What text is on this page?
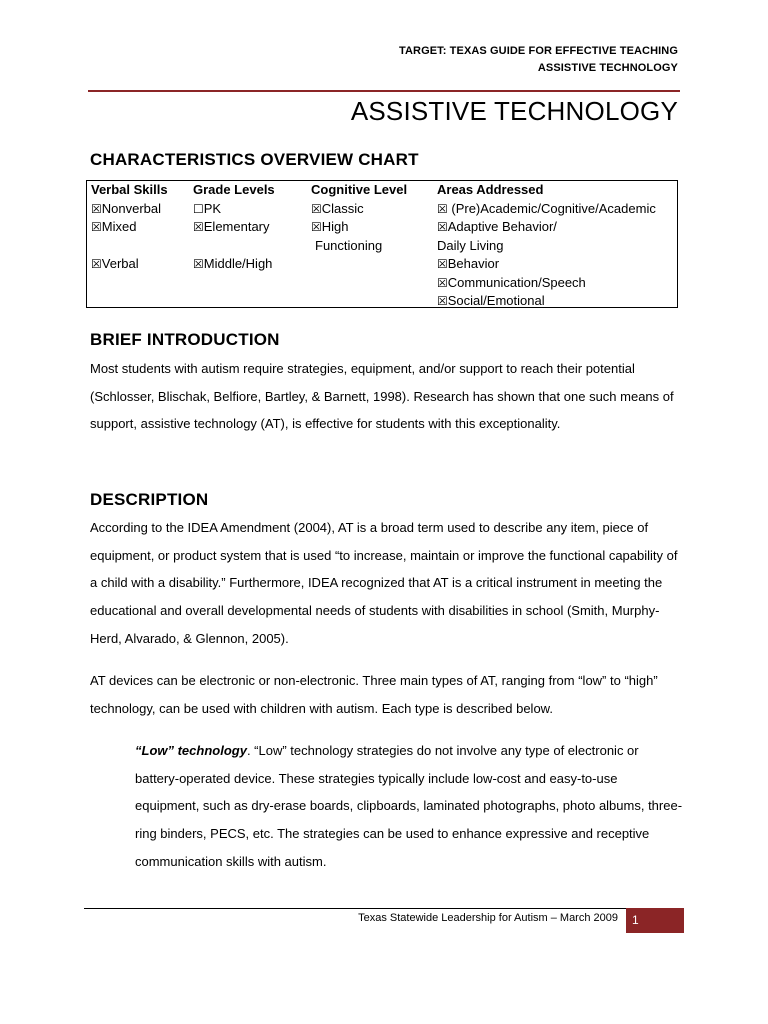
TARGET: TEXAS GUIDE FOR EFFECTIVE TEACHING
ASSISTIVE TECHNOLOGY
ASSISTIVE TECHNOLOGY
CHARACTERISTICS OVERVIEW CHART
Verbal Skills
☒Nonverbal
☒Mixed
☒Verbal
Grade Levels
☐PK
☒Elementary
☒Middle/High
Cognitive Level
☒Classic
☒High
Functioning
Areas Addressed
☒ (Pre)Academic/Cognitive/Academic
☒Adaptive Behavior/
Daily Living
☒Behavior
☒Communication/Speech
☒Social/Emotional
BRIEF INTRODUCTION

Most students with autism require strategies, equipment, and/or support to reach their potential (Schlosser, Blischak, Belfiore, Bartley, & Barnett, 1998). Research has shown that one such means of support, assistive technology (AT), is effective for students with this exceptionality.

DESCRIPTION

According to the IDEA Amendment (2004), AT is a broad term used to describe any item, piece of equipment, or product system that is used “to increase, maintain or improve the functional capability of a child with a disability.” Furthermore, IDEA recognized that AT is a critical instrument in meeting the educational and overall developmental needs of students with disabilities in school (Smith, Murphy-Herd, Alvarado, & Glennon, 2005).

AT devices can be electronic or non-electronic. Three main types of AT, ranging from “low” to “high” technology, can be used with children with autism. Each type is described below.

“Low” technology. “Low” technology strategies do not involve any type of electronic or battery-operated device. These strategies typically include low-cost and easy-to-use equipment, such as dry-erase boards, clipboards, laminated photographs, photo albums, three-ring binders, PECS, etc. The strategies can be used to enhance expressive and receptive communication skills with autism.

Texas Statewide Leadership for Autism – March 2009	1
